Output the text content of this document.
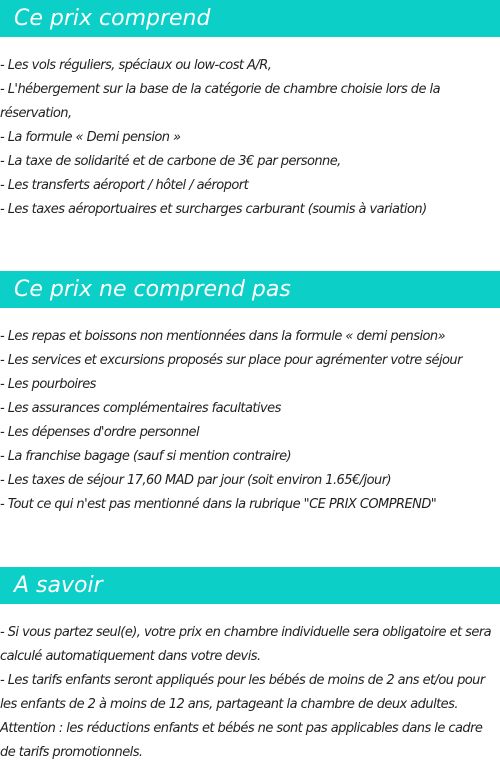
Ce prix comprend
- Les vols réguliers, spéciaux ou low-cost A/R,
- L'hébergement sur la base de la catégorie de chambre choisie lors de la réservation,
- La formule « Demi pension »
- La taxe de solidarité et de carbone de 3€ par personne,
- Les transferts aéroport / hôtel / aéroport
- Les taxes aéroportuaires et surcharges carburant (soumis à variation)
Ce prix ne comprend pas
- Les repas et boissons non mentionnées dans la formule « demi pension»
- Les services et excursions proposés sur place pour agrémenter votre séjour
- Les pourboires
- Les assurances complémentaires facultatives
- Les dépenses d'ordre personnel
- La franchise bagage (sauf si mention contraire)
- Les taxes de séjour 17,60 MAD par jour (soit environ 1.65€/jour)
- Tout ce qui n'est pas mentionné dans la rubrique "CE PRIX COMPREND"
A savoir
- Si vous partez seul(e), votre prix en chambre individuelle sera obligatoire et sera calculé automatiquement dans votre devis.
- Les tarifs enfants seront appliqués pour les bébés de moins de 2 ans et/ou pour les enfants de 2 à moins de 12 ans, partageant la chambre de deux adultes.
Attention : les réductions enfants et bébés ne sont pas applicables dans le cadre de tarifs promotionnels.
